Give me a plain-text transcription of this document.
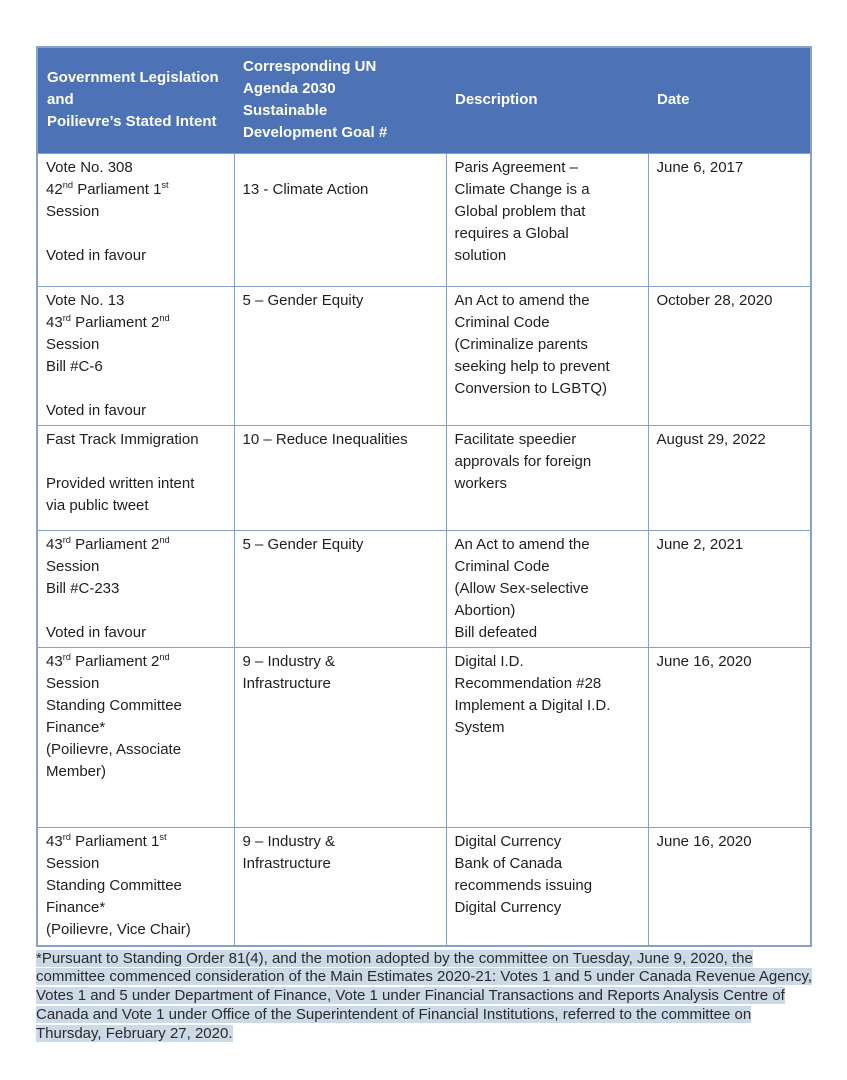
Government Legislation
and
Poilievre’s Stated Intent	Corresponding UN
Agenda 2030
Sustainable
Development Goal #	Description	Date
Vote No. 308
42nd Parliament 1st
Session

Voted in favour	13 - Climate Action	Paris Agreement –
Climate Change is a
Global problem that
requires a Global
solution	June 6, 2017
Vote No. 13
43rd Parliament 2nd
Session
Bill #C-6

Voted in favour	5 – Gender Equity	An Act to amend the
Criminal Code
(Criminalize parents
seeking help to prevent
Conversion to LGBTQ)	October 28, 2020
Fast Track Immigration

Provided written intent
via public tweet	10 – Reduce Inequalities	Facilitate speedier
approvals for foreign
workers	August 29, 2022
43rd Parliament 2nd
Session
Bill #C-233

Voted in favour	5 – Gender Equity	An Act to amend the
Criminal Code
(Allow Sex-selective
Abortion)
Bill defeated	June 2, 2021
43rd Parliament 2nd
Session
Standing Committee
Finance*
(Poilievre, Associate
Member)	9 – Industry &
Infrastructure	Digital I.D.
Recommendation #28
Implement a Digital I.D.
System	June 16, 2020
43rd Parliament 1st
Session
Standing Committee
Finance*
(Poilievre, Vice Chair)	9 – Industry &
Infrastructure	Digital Currency
Bank of Canada
recommends issuing
Digital Currency	June 16, 2020
*Pursuant to Standing Order 81(4), and the motion adopted by the committee on Tuesday, June 9, 2020, the committee commenced consideration of the Main Estimates 2020-21: Votes 1 and 5 under Canada Revenue Agency, Votes 1 and 5 under Department of Finance, Vote 1 under Financial Transactions and Reports Analysis Centre of Canada and Vote 1 under Office of the Superintendent of Financial Institutions, referred to the committee on Thursday, February 27, 2020.
